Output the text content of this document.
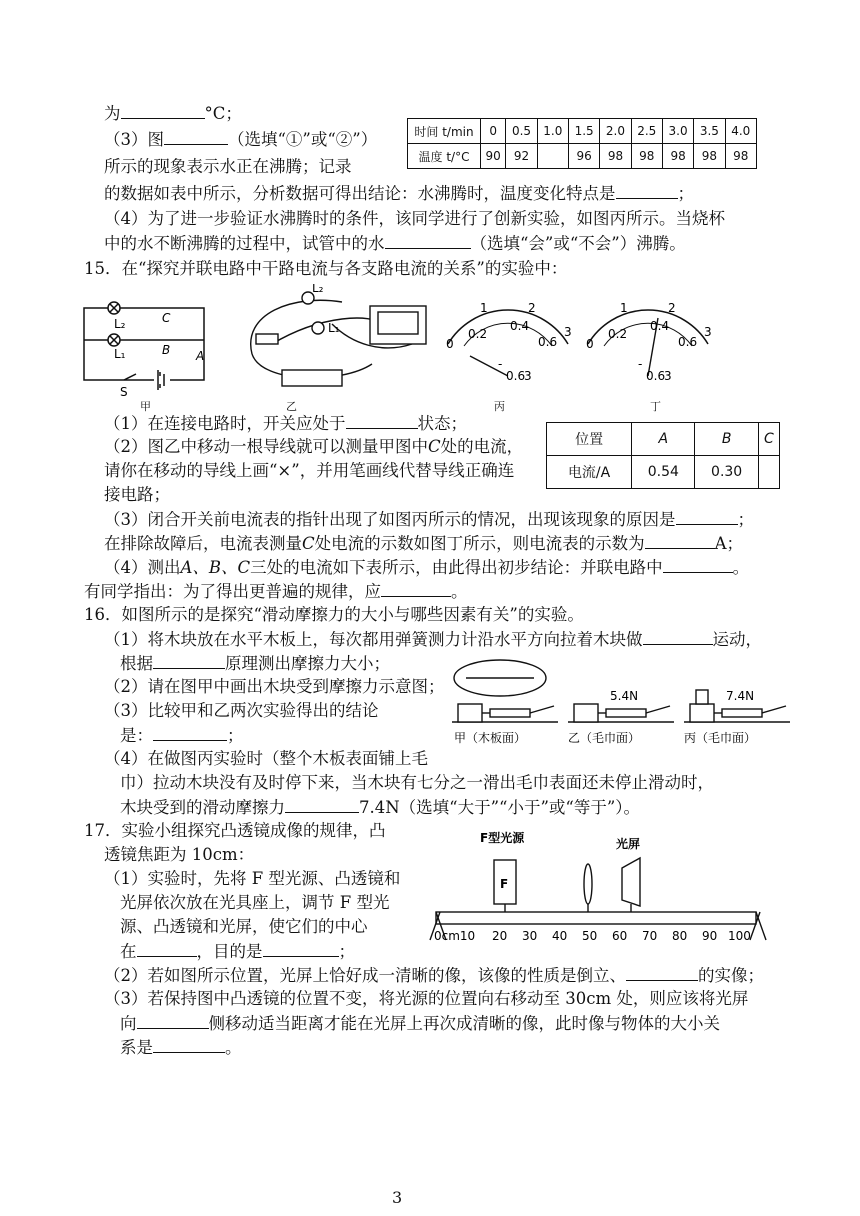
为	°C；
（3）图	（选填“①”或“②”）
所示的现象表示水正在沸腾；记录
的数据如表中所示，分析数据可得出结论：水沸腾时，温度变化特点是	；
（4）为了进一步验证水沸腾时的条件，该同学进行了创新实验，如图丙所示。当烧杯
中的水不断沸腾的过程中，试管中的水	（选填“会”或“不会”）沸腾。
时间 t/min	0	0.5	1.0	1.5	2.0	2.5	3.0	3.5	4.0
温度 t/°C	90	92		96	98	98	98	98	98
15．在“探究并联电路中干路电流与各支路电流的关系”的实验中：
L₂
L₁
C
B A
S
甲
L₂
L₁
乙
0
1	2
3
0.2
0.4
0.6
-
0.6
3
丙
0
1	2
3
0.2
0.4
0.6
-
0.6
3
丁
（1）在连接电路时，开关应处于	状态；
（2）图乙中移动一根导线就可以测量甲图中C处的电流，
请你在移动的导线上画“×”，并用笔画线代替导线正确连
接电路；
位置	A	B	C
电流/A	0.54	0.30	
（3）闭合开关前电流表的指针出现了如图丙所示的情况，出现该现象的原因是	；
在排除故障后，电流表测量C处电流的示数如图丁所示，则电流表的示数为	A；
（4）测出A、B、C三处的电流如下表所示，由此得出初步结论：并联电路中	。
有同学指出：为了得出更普遍的规律，应	。
16．如图所示的是探究“滑动摩擦力的大小与哪些因素有关”的实验。
（1）将木块放在水平木板上，每次都用弹簧测力计沿水平方向拉着木块做	运动，
根据	原理测出摩擦力大小；
（2）请在图甲中画出木块受到摩擦力示意图；
（3）比较甲和乙两次实验得出的结论
是：	；
（4）在做图丙实验时（整个木板表面铺上毛
巾）拉动木块没有及时停下来，当木块有七分之一滑出毛巾表面还未停止滑动时，
木块受到的滑动摩擦力	7.4N（选填“大于”“小于”或“等于”）。
5.4N	7.4N
甲（木板面）	乙（毛巾面）	丙（毛巾面）
17．实验小组探究凸透镜成像的规律，凸
透镜焦距为 10cm：
（1）实验时，先将 F 型光源、凸透镜和
光屏依次放在光具座上，调节 F 型光
源、凸透镜和光屏，使它们的中心
在	，目的是	；
（2）若如图所示位置，光屏上恰好成一清晰的像，该像的性质是倒立、	的实像；
（3）若保持图中凸透镜的位置不变，将光源的位置向右移动至 30cm 处，则应该将光屏
向	侧移动适当距离才能在光屏上再次成清晰的像，此时像与物体的大小关
系是	。
F型光源	光屏
0cm10 20 30 40 50 60 70 80 90 100
F
3
